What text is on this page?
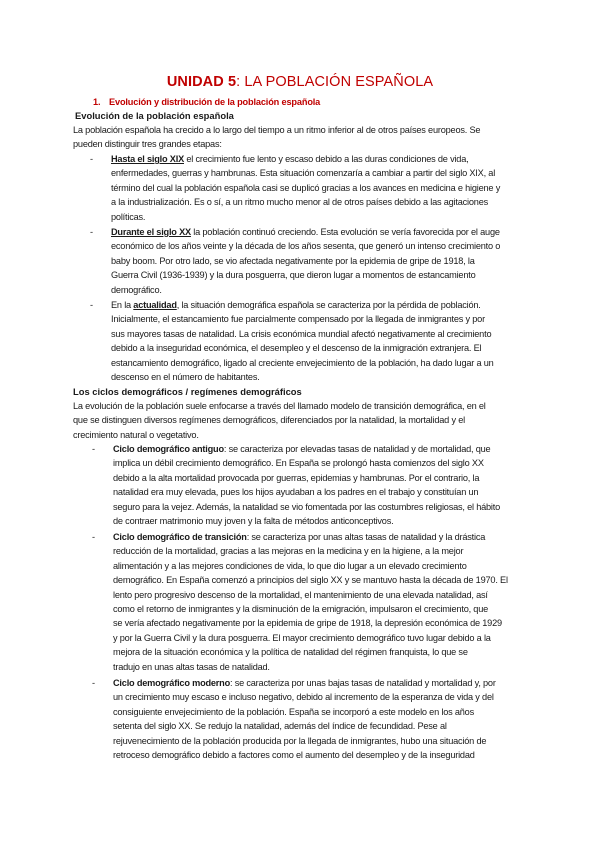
UNIDAD 5: LA POBLACIÓN ESPAÑOLA
1. Evolución y distribución de la población española
Evolución de la población española
La población española ha crecido a lo largo del tiempo a un ritmo inferior al de otros países europeos. Se
pueden distinguir tres grandes etapas:
- Hasta el siglo XIX el crecimiento fue lento y escaso debido a las duras condiciones de vida,
enfermedades, guerras y hambrunas. Esta situación comenzaría a cambiar a partir del siglo XIX, al
término del cual la población española casi se duplicó gracias a los avances en medicina e higiene y
a la industrialización. Es o sí, a un ritmo mucho menor al de otros países debido a las agitaciones
políticas.
- Durante el siglo XX la población continuó creciendo. Esta evolución se vería favorecida por el auge
económico de los años veinte y la década de los años sesenta, que generó un intenso crecimiento o
baby boom. Por otro lado, se vio afectada negativamente por la epidemia de gripe de 1918, la
Guerra Civil (1936-1939) y la dura posguerra, que dieron lugar a momentos de estancamiento
demográfico.
- En la actualidad, la situación demográfica española se caracteriza por la pérdida de población.
Inicialmente, el estancamiento fue parcialmente compensado por la llegada de inmigrantes y por
sus mayores tasas de natalidad. La crisis económica mundial afectó negativamente al crecimiento
debido a la inseguridad económica, el desempleo y el descenso de la inmigración extranjera. El
estancamiento demográfico, ligado al creciente envejecimiento de la población, ha dado lugar a un
descenso en el número de habitantes.
Los ciclos demográficos / regímenes demográficos
La evolución de la población suele enfocarse a través del llamado modelo de transición demográfica, en el
que se distinguen diversos regímenes demográficos, diferenciados por la natalidad, la mortalidad y el
crecimiento natural o vegetativo.
- Ciclo demográfico antiguo: se caracteriza por elevadas tasas de natalidad y de mortalidad, que
implica un débil crecimiento demográfico. En España se prolongó hasta comienzos del siglo XX
debido a la alta mortalidad provocada por guerras, epidemias y hambrunas. Por el contrario, la
natalidad era muy elevada, pues los hijos ayudaban a los padres en el trabajo y constituían un
seguro para la vejez. Además, la natalidad se vio fomentada por las costumbres religiosas, el hábito
de contraer matrimonio muy joven y la falta de métodos anticonceptivos.
- Ciclo demográfico de transición: se caracteriza por unas altas tasas de natalidad y la drástica
reducción de la mortalidad, gracias a las mejoras en la medicina y en la higiene, a la mejor
alimentación y a las mejores condiciones de vida, lo que dio lugar a un elevado crecimiento
demográfico. En España comenzó a principios del siglo XX y se mantuvo hasta la década de 1970. El
lento pero progresivo descenso de la mortalidad, el mantenimiento de una elevada natalidad, así
como el retorno de inmigrantes y la disminución de la emigración, impulsaron el crecimiento, que
se vería afectado negativamente por la epidemia de gripe de 1918, la depresión económica de 1929
y por la Guerra Civil y la dura posguerra. El mayor crecimiento demográfico tuvo lugar debido a la
mejora de la situación económica y la política de natalidad del régimen franquista, lo que se
tradujo en unas altas tasas de natalidad.
- Ciclo demográfico moderno: se caracteriza por unas bajas tasas de natalidad y mortalidad y, por
un crecimiento muy escaso e incluso negativo, debido al incremento de la esperanza de vida y del
consiguiente envejecimiento de la población. España se incorporó a este modelo en los años
setenta del siglo XX. Se redujo la natalidad, además del índice de fecundidad. Pese al
rejuvenecimiento de la población producida por la llegada de inmigrantes, hubo una situación de
retroceso demográfico debido a factores como el aumento del desempleo y de la inseguridad
